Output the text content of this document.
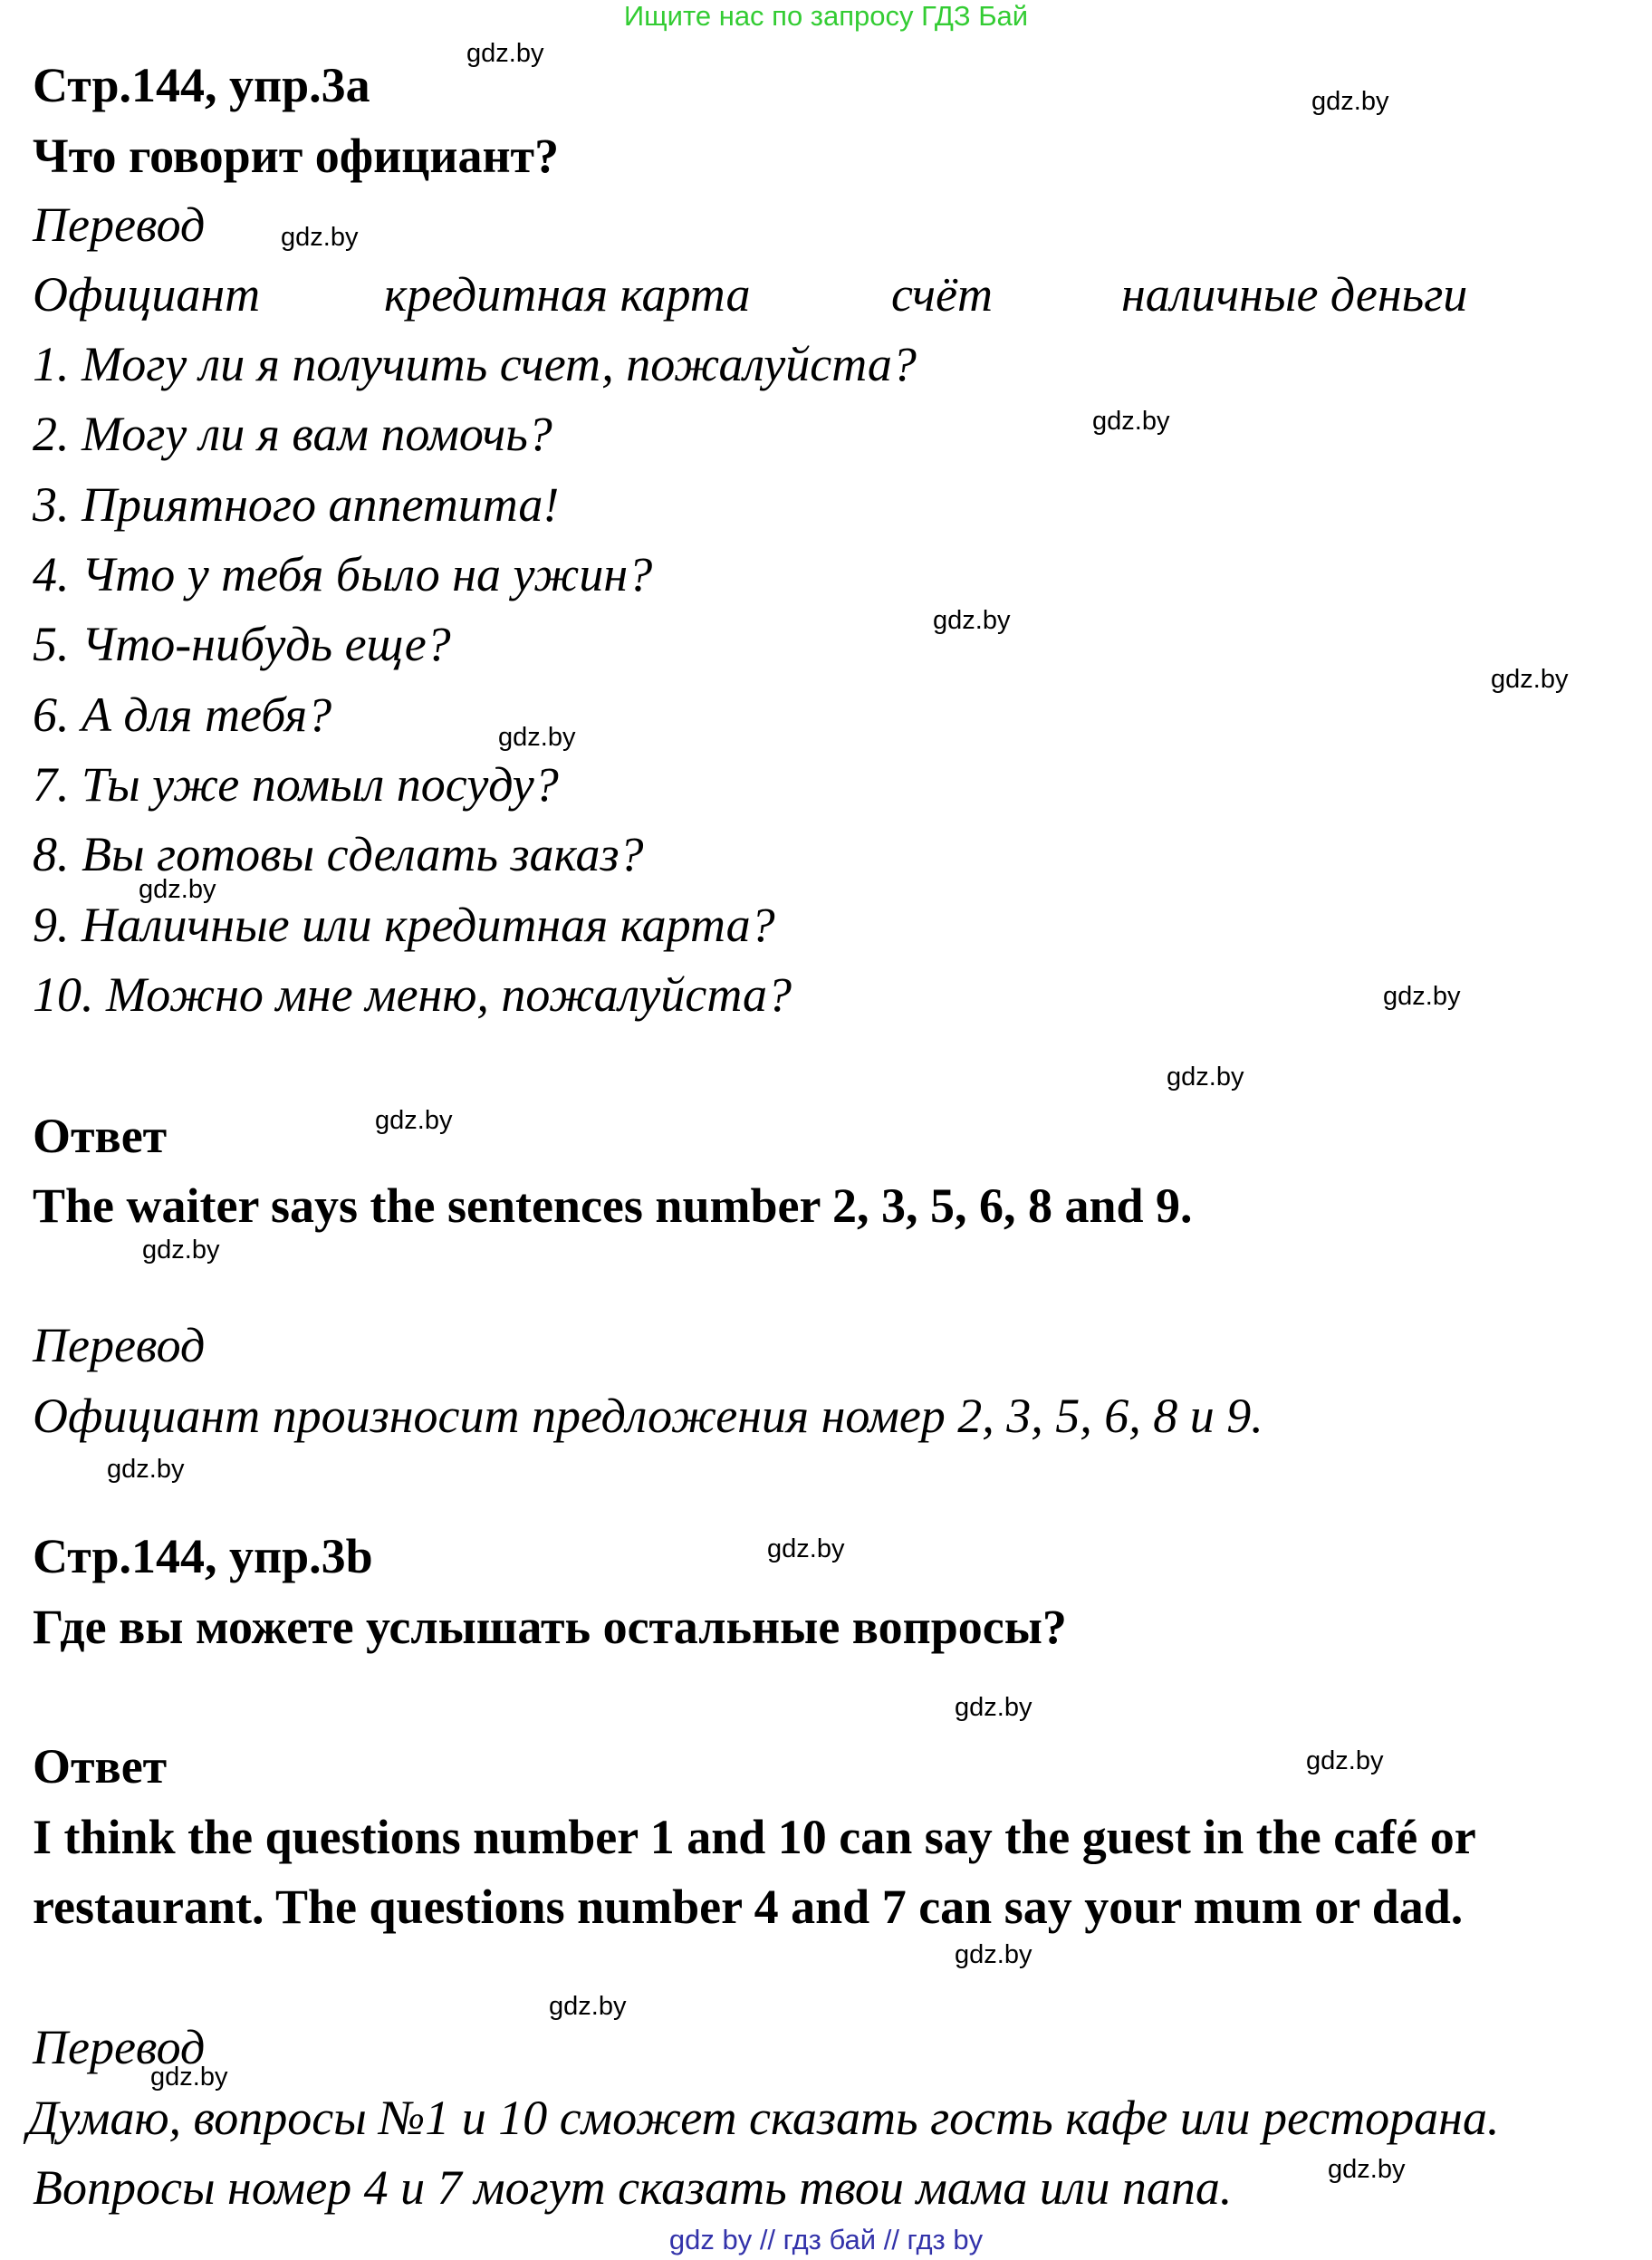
Ищите нас по запросу ГДЗ Бай
Стр.144, упр.3а
Что говорит официант?
Перевод
Официант	кредитная карта	счёт	наличные деньги
1. Могу ли я получить счет, пожалуйста?
2. Могу ли я вам помочь?
3. Приятного аппетита!
4. Что у тебя было на ужин?
5. Что-нибудь еще?
6. А для тебя?
7. Ты уже помыл посуду?
8. Вы готовы сделать заказ?
9. Наличные или кредитная карта?
10. Можно мне меню, пожалуйста?
Ответ
The waiter says the sentences number 2, 3, 5, 6, 8 and 9.
Перевод
Официант произносит предложения номер 2, 3, 5, 6, 8 и 9.
Стр.144, упр.3b
Где вы можете услышать остальные вопросы?
Ответ
I think the questions number 1 and 10 can say the guest in the café or
restaurant. The questions number 4 and 7 can say your mum or dad.
Перевод
Думаю, вопросы №1 и 10 сможет сказать гость кафе или ресторана.
Вопросы номер 4 и 7 могут сказать твои мама или папа.
gdz.by
gdz.by
gdz.by
gdz.by
gdz.by
gdz.by
gdz.by
gdz.by
gdz.by
gdz.by
gdz.by
gdz.by
gdz.by
gdz.by
gdz.by
gdz.by
gdz.by
gdz.by
gdz.by
gdz.by
gdz by // гдз бай // гдз by
